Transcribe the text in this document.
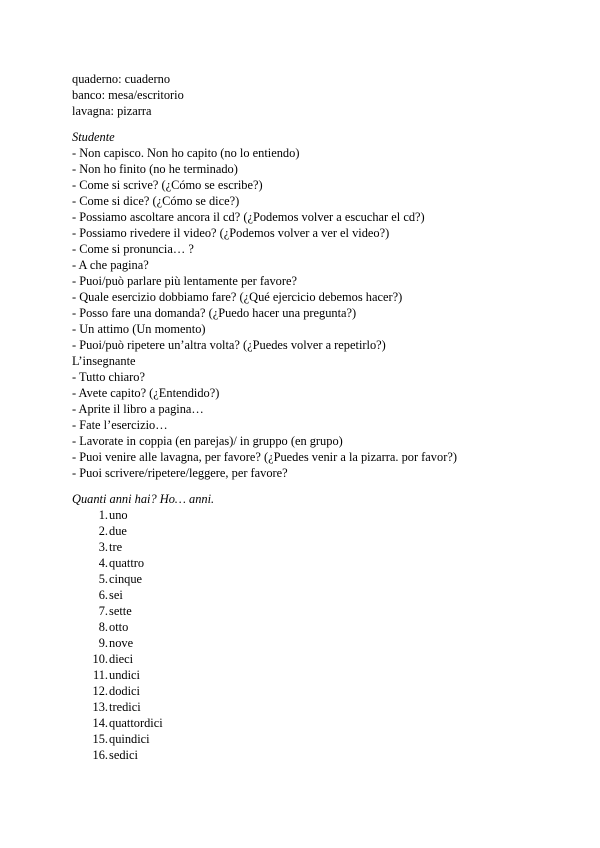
quaderno: cuaderno
banco: mesa/escritorio
lavagna: pizarra
Studente
- Non capisco. Non ho capito (no lo entiendo)
- Non ho finito (no he terminado)
- Come si scrive? (¿Cómo se escribe?)
- Come si dice? (¿Cómo se dice?)
- Possiamo ascoltare ancora il cd? (¿Podemos volver a escuchar el cd?)
- Possiamo rivedere il video? (¿Podemos volver a ver el video?)
- Come si pronuncia… ?
- A che pagina?
- Puoi/può parlare più lentamente per favore?
- Quale esercizio dobbiamo fare? (¿Qué ejercicio debemos hacer?)
- Posso fare una domanda? (¿Puedo hacer una pregunta?)
- Un attimo (Un momento)
- Puoi/può ripetere un’altra volta? (¿Puedes volver a repetirlo?)
L’insegnante
- Tutto chiaro?
- Avete capito? (¿Entendido?)
- Aprite il libro a pagina…
- Fate l’esercizio…
- Lavorate in coppia (en parejas)/ in gruppo (en grupo)
- Puoi venire alle lavagna, per favore? (¿Puedes venir a la pizarra. por favor?)
- Puoi scrivere/ripetere/leggere, per favore?
Quanti anni hai? Ho… anni.
1.uno
2.due
3.tre
4.quattro
5.cinque
6.sei
7.sette
8.otto
9.nove
10.dieci
11.undici
12.dodici
13.tredici
14.quattordici
15.quindici
16.sedici
